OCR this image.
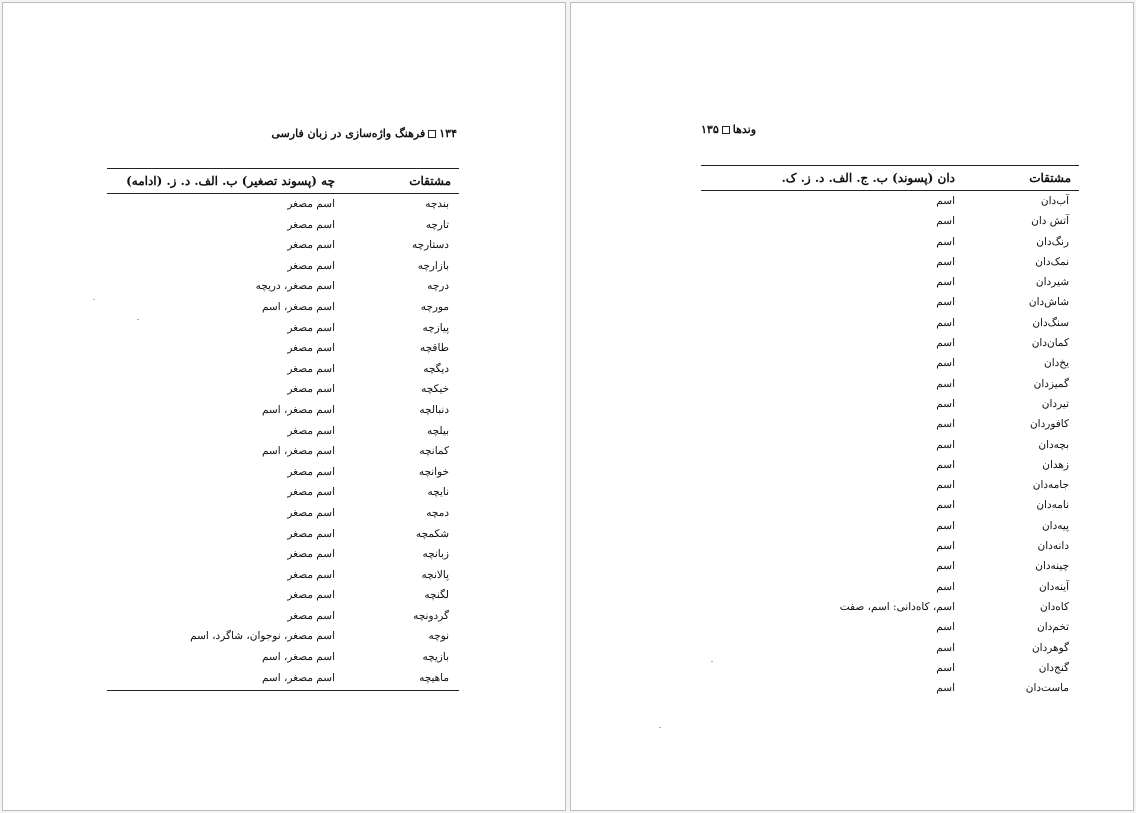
۱۳۴فرهنگ واژه‌سازی در زبان فارسی
مشتقات
چه (پسوند تصغیر) ب. الف. د. ز. (ادامه)
بندچه
اسم مصغر
تارچه
اسم مصغر
دستارچه
اسم مصغر
بازارچه
اسم مصغر
درچه
اسم مصغر، دریچه
مورچه
اسم مصغر، اسم
پیازچه
اسم مصغر
طاقچه
اسم مصغر
دیگچه
اسم مصغر
خیکچه
اسم مصغر
دنبالچه
اسم مصغر، اسم
بیلچه
اسم مصغر
کمانچه
اسم مصغر، اسم
خوانچه
اسم مصغر
نایچه
اسم مصغر
دمچه
اسم مصغر
شکمچه
اسم مصغر
زبانچه
اسم مصغر
پالانچه
اسم مصغر
لگنچه
اسم مصغر
گردونچه
اسم مصغر
نوچه
اسم مصغر، نوجوان، شاگرد، اسم
بازیچه
اسم مصغر، اسم
ماهیچه
اسم مصغر، اسم
وندها۱۳۵
مشتقات
دان (پسوند) ب. ج. الف. د. ز. ک.
آب‌دان
اسم
آتش دان
اسم
رنگ‌دان
اسم
نمک‌دان
اسم
شیردان
اسم
شاش‌دان
اسم
سنگ‌دان
اسم
کمان‌دان
اسم
یخ‌دان
اسم
گمیزدان
اسم
تیردان
اسم
کافوردان
اسم
بچه‌دان
اسم
زهدان
اسم
جامه‌دان
اسم
نامه‌دان
اسم
پیه‌دان
اسم
دانه‌دان
اسم
چینه‌دان
اسم
آینه‌دان
اسم
کاه‌دان
اسم، کاه‌دانی: اسم، صفت
تخم‌دان
اسم
گوهردان
اسم
گنج‌دان
اسم
ماست‌دان
اسم
